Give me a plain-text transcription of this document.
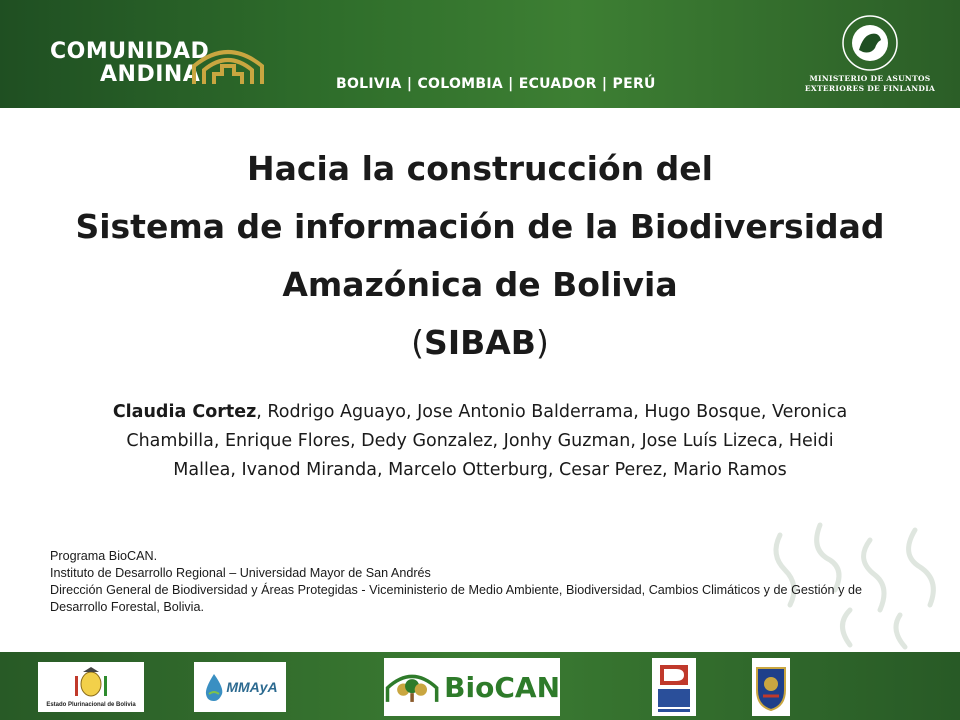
COMUNIDAD

ANDINA	BOLIVIA | COLOMBIA | ECUADOR | PERÚ	MINISTERIO DE ASUNTOS
EXTERIORES DE FINLANDIA
Hacia la construcción del
Sistema de información de la Biodiversidad
Amazónica de Bolivia
(SIBAB)
Claudia Cortez, Rodrigo Aguayo, Jose Antonio Balderrama, Hugo Bosque, Veronica
Chambilla, Enrique Flores, Dedy Gonzalez, Jonhy Guzman, Jose Luís Lizeca, Heidi
Mallea, Ivanod Miranda, Marcelo Otterburg, Cesar Perez, Mario Ramos

Programa BioCAN.

Instituto de Desarrollo Regional – Universidad Mayor de San Andrés

Dirección General de Biodiversidad y Áreas Protegidas - Viceministerio de Medio Ambiente, Biodiversidad, Cambios Climáticos y de Gestión y de Desarrollo Forestal, Bolivia.

Estado Plurinacional de Bolivia
MMAyA	BioCAN
